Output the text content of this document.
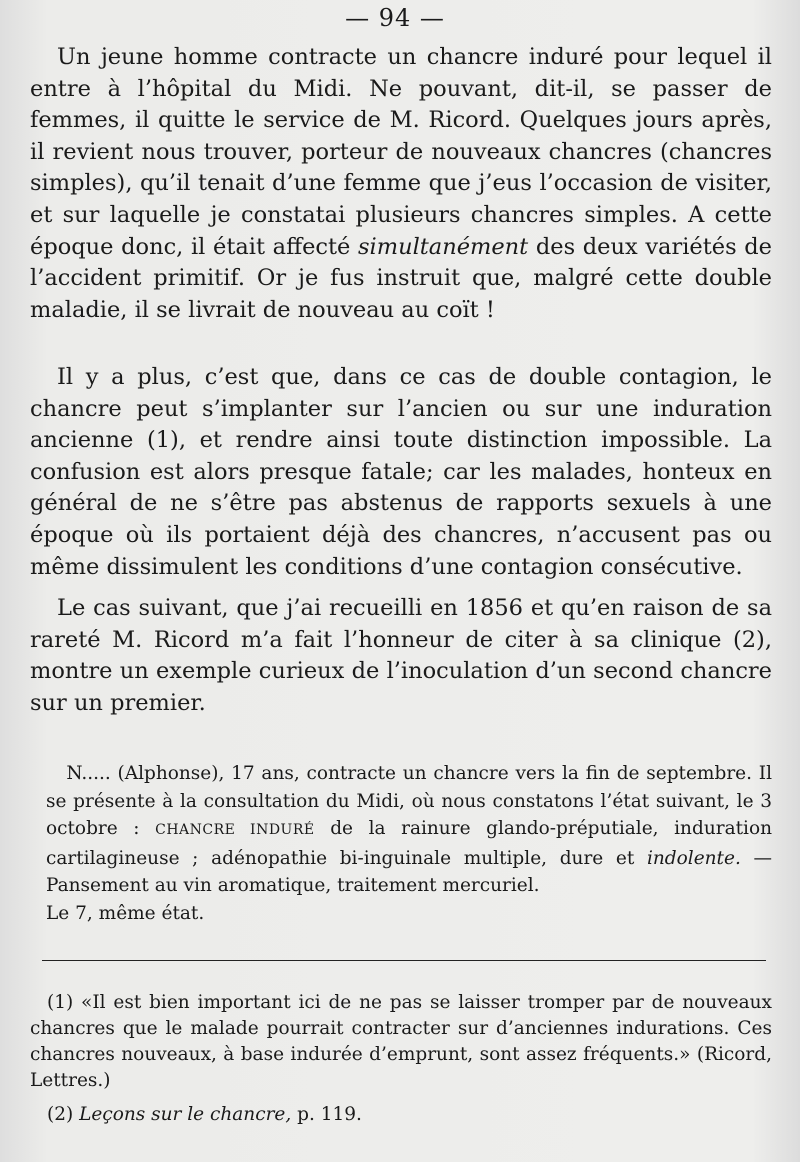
— 94 —

Un jeune homme contracte un chancre induré pour lequel il entre à l’hôpital du Midi. Ne pouvant, dit-il, se passer de femmes, il quitte le service de M. Ricord. Quelques jours après, il revient nous trouver, porteur de nouveaux chancres (chancres simples), qu’il tenait d’une femme que j’eus l’occasion de visiter, et sur laquelle je constatai plusieurs chancres simples. A cette époque donc, il était affecté simultanément des deux variétés de l’accident primitif. Or je fus instruit que, malgré cette double maladie, il se livrait de nouveau au coït !

Il y a plus, c’est que, dans ce cas de double contagion, le chancre peut s’implanter sur l’ancien ou sur une induration ancienne (1), et rendre ainsi toute distinction impossible. La confusion est alors presque fatale; car les malades, honteux en général de ne s’être pas abstenus de rapports sexuels à une époque où ils portaient déjà des chancres, n’accusent pas ou même dissimulent les conditions d’une contagion consécutive.

Le cas suivant, que j’ai recueilli en 1856 et qu’en raison de sa rareté M. Ricord m’a fait l’honneur de citer à sa clinique (2), montre un exemple curieux de l’inoculation d’un second chancre sur un premier.

N..... (Alphonse), 17 ans, contracte un chancre vers la fin de septembre. Il se présente à la consultation du Midi, où nous constatons l’état suivant, le 3 octobre : CHANCRE INDURÉ de la rainure glando-préputiale, induration cartilagineuse ; adénopathie bi-inguinale multiple, dure et indolente. — Pansement au vin aromatique, traitement mercuriel.

Le 7, même état.

(1) «Il est bien important ici de ne pas se laisser tromper par de nouveaux chancres que le malade pourrait contracter sur d’anciennes indurations. Ces chancres nouveaux, à base indurée d’emprunt, sont assez fréquents.» (Ricord, Lettres.)

(2) Leçons sur le chancre, p. 119.
